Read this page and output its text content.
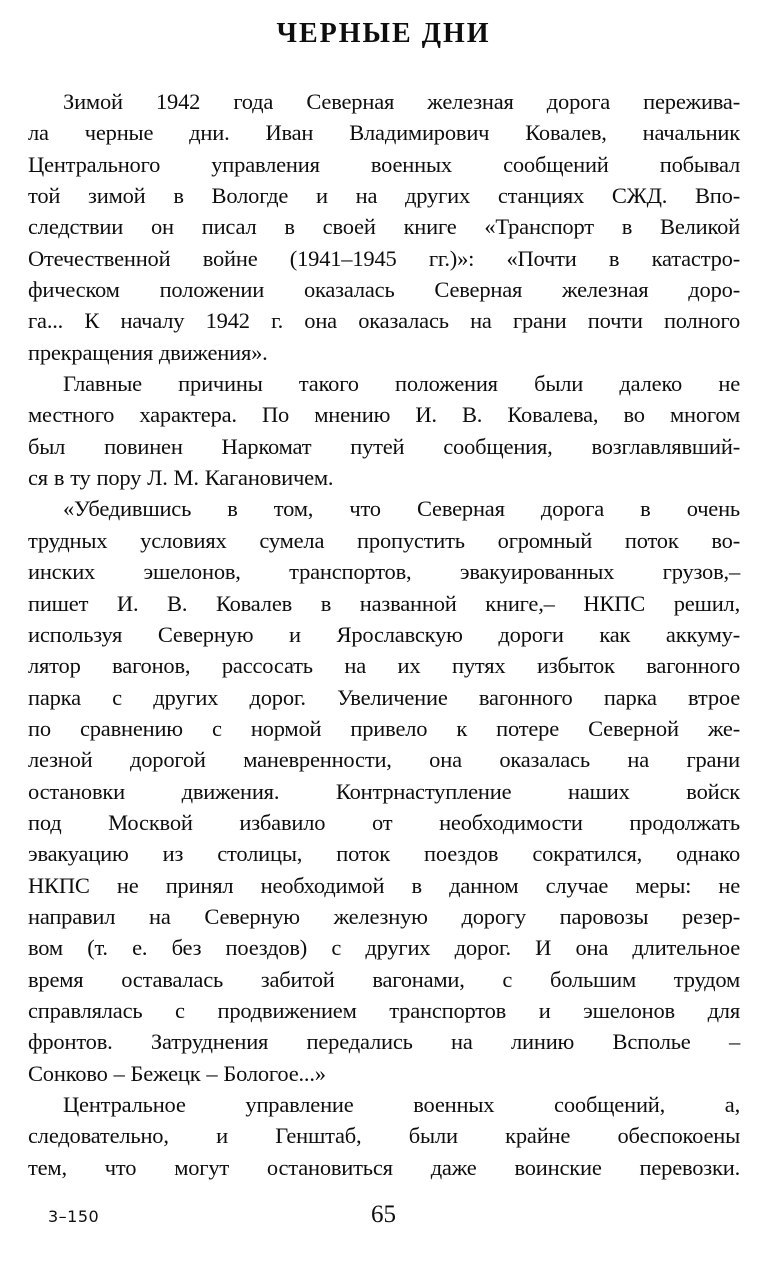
ЧЕРНЫЕ ДНИ
Зимой 1942 года Северная железная дорога пережива-
ла черные дни. Иван Владимирович Ковалев, начальник
Центрального управления военных сообщений побывал
той зимой в Вологде и на других станциях СЖД. Впо-
следствии он писал в своей книге «Транспорт в Великой
Отечественной войне (1941–1945 гг.)»: «Почти в катастро-
фическом положении оказалась Северная железная доро-
га... К началу 1942 г. она оказалась на грани почти полного
прекращения движения».
Главные причины такого положения были далеко не
местного характера. По мнению И. В. Ковалева, во многом
был повинен Наркомат путей сообщения, возглавлявший-
ся в ту пору Л. М. Кагановичем.
«Убедившись в том, что Северная дорога в очень
трудных условиях сумела пропустить огромный поток во-
инских эшелонов, транспортов, эвакуированных грузов,–
пишет И. В. Ковалев в названной книге,– НКПС решил,
используя Северную и Ярославскую дороги как аккуму-
лятор вагонов, рассосать на их путях избыток вагонного
парка с других дорог. Увеличение вагонного парка втрое
по сравнению с нормой привело к потере Северной же-
лезной дорогой маневренности, она оказалась на грани
остановки движения. Контрнаступление наших войск
под Москвой избавило от необходимости продолжать
эвакуацию из столицы, поток поездов сократился, однако
НКПС не принял необходимой в данном случае меры: не
направил на Северную железную дорогу паровозы резер-
вом (т. е. без поездов) с других дорог. И она длительное
время оставалась забитой вагонами, с большим трудом
справлялась с продвижением транспортов и эшелонов для
фронтов. Затруднения передались на линию Всполье –
Сонково – Бежецк – Бологое...»
Центральное управление военных сообщений, а,
следовательно, и Генштаб, были крайне обеспокоены
тем, что могут остановиться даже воинские перевозки.
3–150	65
